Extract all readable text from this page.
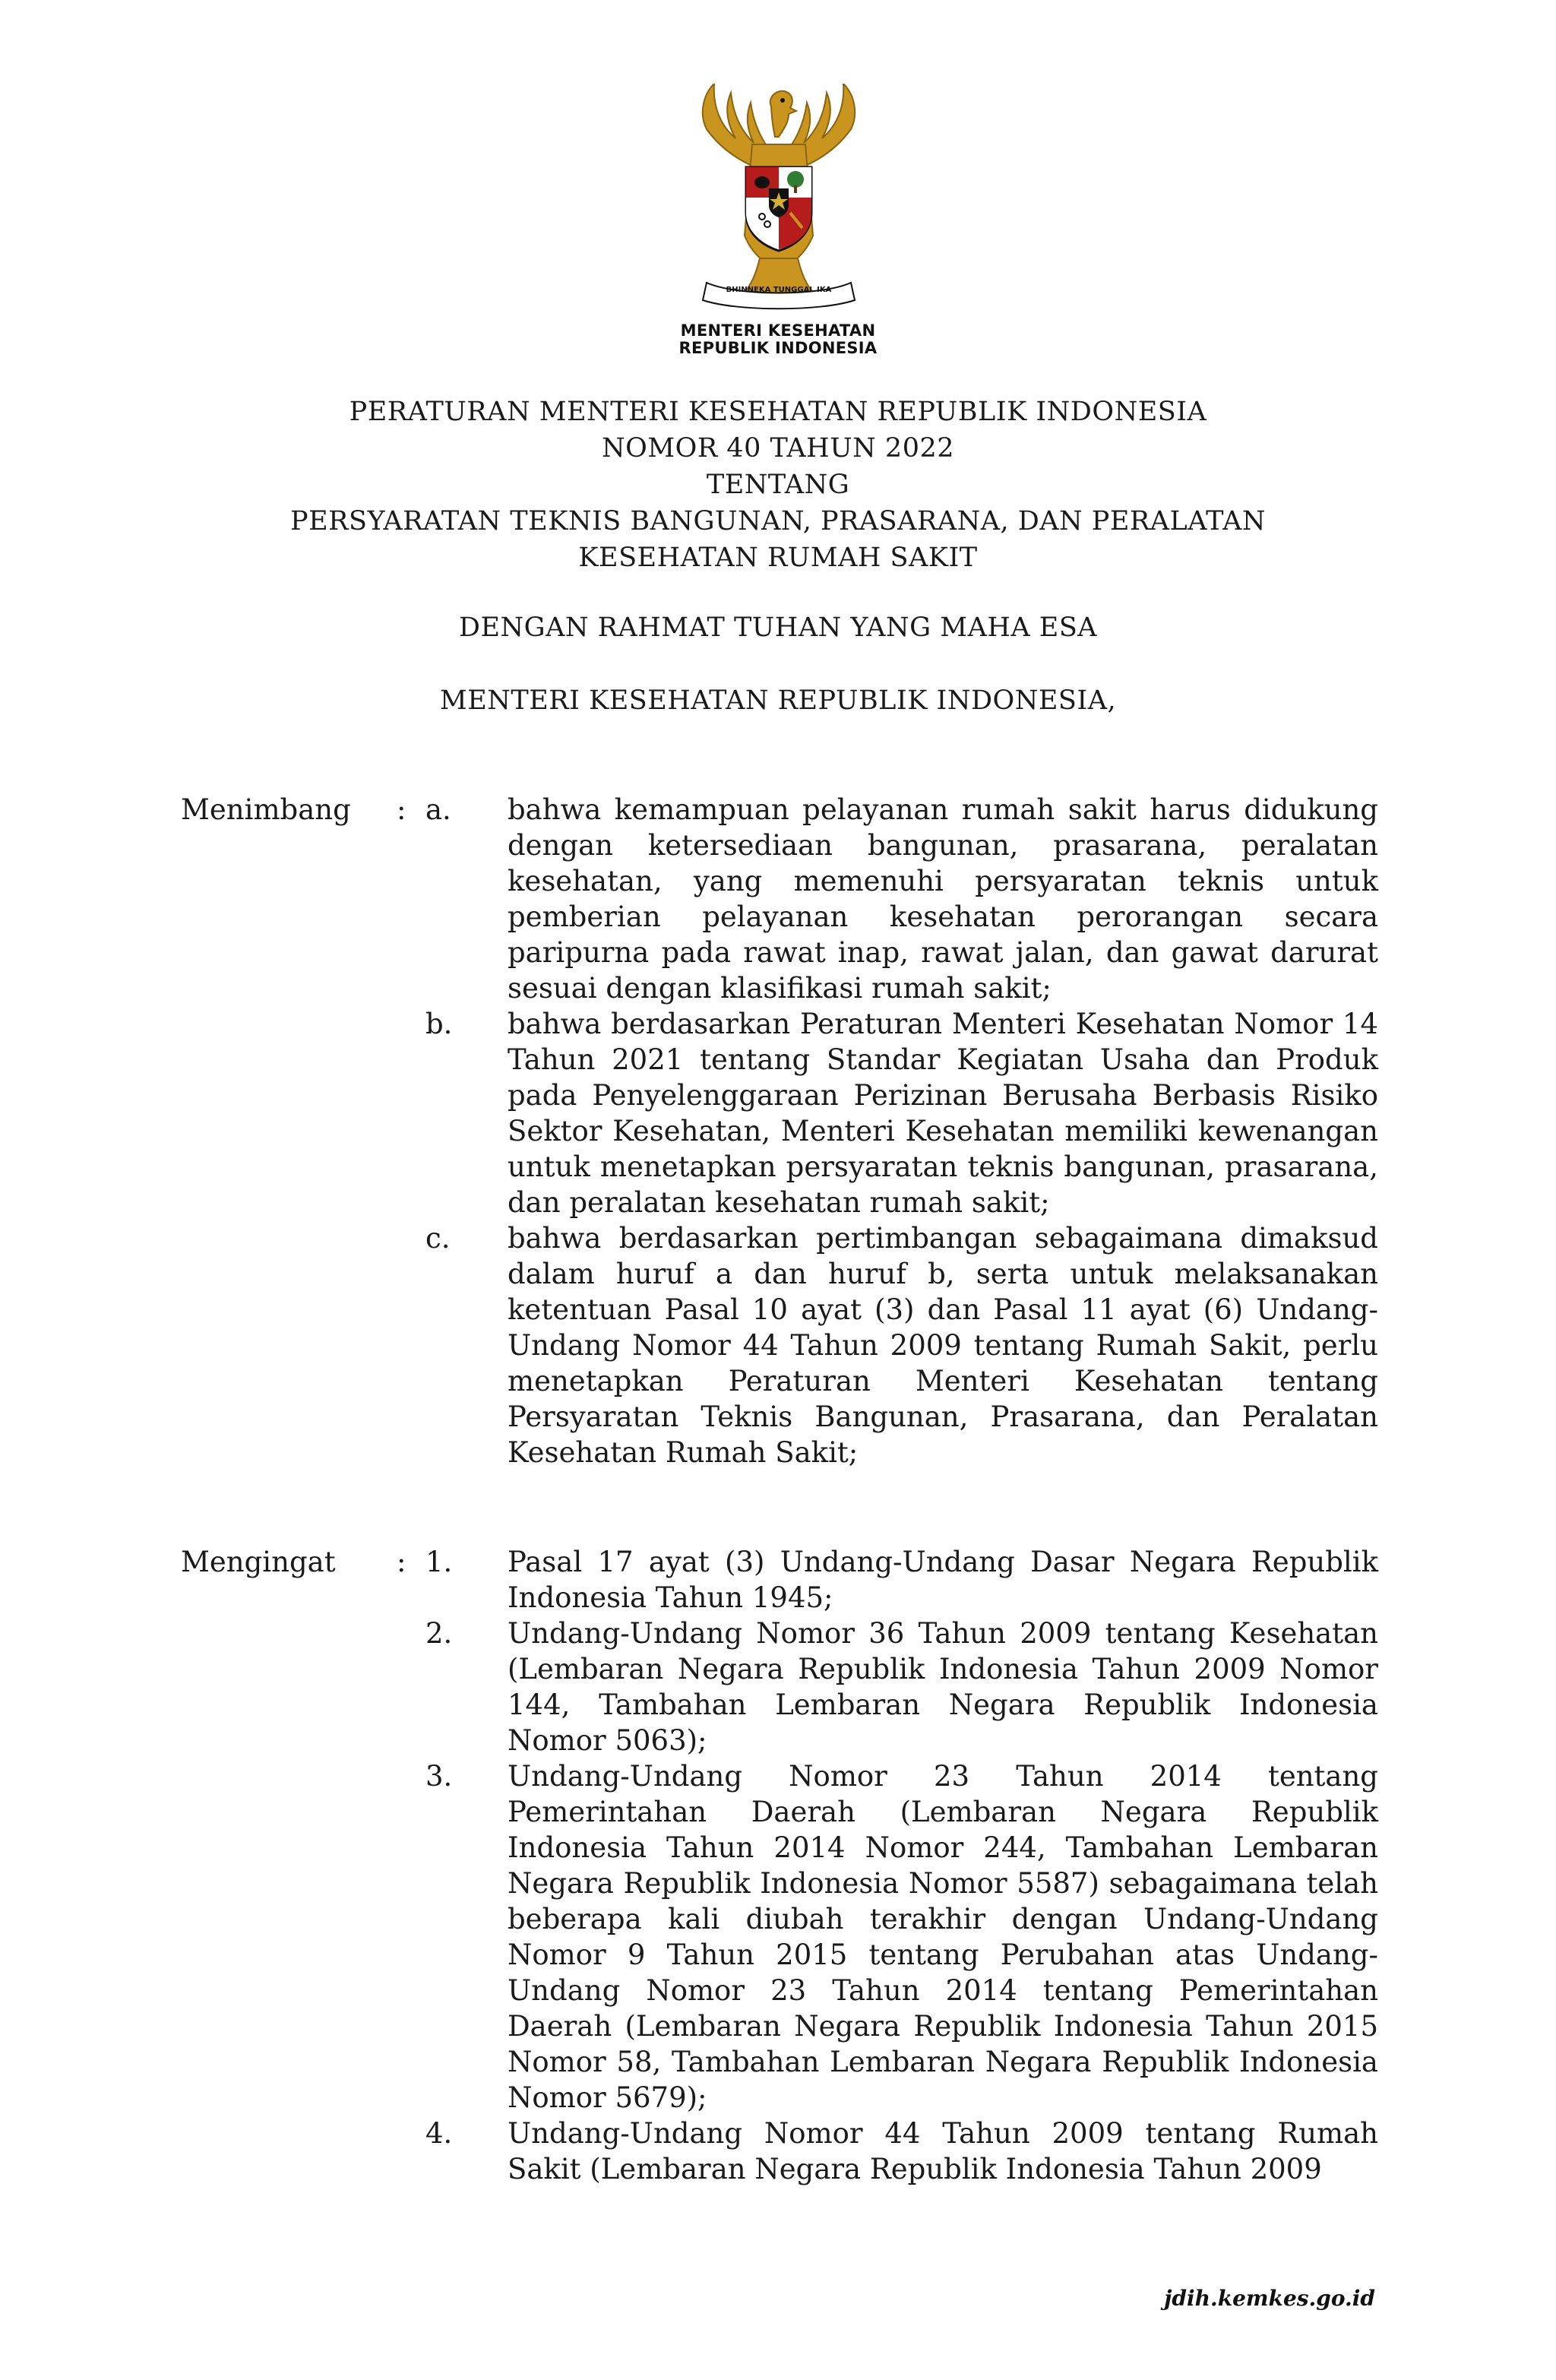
BHINNEKA TUNGGAL IKA
MENTERI KESEHATAN
REPUBLIK INDONESIA
PERATURAN MENTERI KESEHATAN REPUBLIK INDONESIA
NOMOR 40 TAHUN 2022
TENTANG
PERSYARATAN TEKNIS BANGUNAN, PRASARANA, DAN PERALATAN
KESEHATAN RUMAH SAKIT
DENGAN RAHMAT TUHAN YANG MAHA ESA
MENTERI KESEHATAN REPUBLIK INDONESIA,
Menimbang : a. bahwa kemampuan pelayanan rumah sakit harus didukung dengan ketersediaan bangunan, prasarana, peralatan kesehatan, yang memenuhi persyaratan teknis untuk pemberian pelayanan kesehatan perorangan secara paripurna pada rawat inap, rawat jalan, dan gawat darurat sesuai dengan klasifikasi rumah sakit;
b. bahwa berdasarkan Peraturan Menteri Kesehatan Nomor 14 Tahun 2021 tentang Standar Kegiatan Usaha dan Produk pada Penyelenggaraan Perizinan Berusaha Berbasis Risiko Sektor Kesehatan, Menteri Kesehatan memiliki kewenangan untuk menetapkan persyaratan teknis bangunan, prasarana, dan peralatan kesehatan rumah sakit;
c. bahwa berdasarkan pertimbangan sebagaimana dimaksud dalam huruf a dan huruf b, serta untuk melaksanakan ketentuan Pasal 10 ayat (3) dan Pasal 11 ayat (6) Undang-Undang Nomor 44 Tahun 2009 tentang Rumah Sakit, perlu menetapkan Peraturan Menteri Kesehatan tentang Persyaratan Teknis Bangunan, Prasarana, dan Peralatan Kesehatan Rumah Sakit;
Mengingat : 1. Pasal 17 ayat (3) Undang-Undang Dasar Negara Republik Indonesia Tahun 1945;
2. Undang-Undang Nomor 36 Tahun 2009 tentang Kesehatan (Lembaran Negara Republik Indonesia Tahun 2009 Nomor 144, Tambahan Lembaran Negara Republik Indonesia Nomor 5063);
3. Undang-Undang Nomor 23 Tahun 2014 tentang Pemerintahan Daerah (Lembaran Negara Republik Indonesia Tahun 2014 Nomor 244, Tambahan Lembaran Negara Republik Indonesia Nomor 5587) sebagaimana telah beberapa kali diubah terakhir dengan Undang-Undang Nomor 9 Tahun 2015 tentang Perubahan atas Undang-Undang Nomor 23 Tahun 2014 tentang Pemerintahan Daerah (Lembaran Negara Republik Indonesia Tahun 2015 Nomor 58, Tambahan Lembaran Negara Republik Indonesia Nomor 5679);
4. Undang-Undang Nomor 44 Tahun 2009 tentang Rumah Sakit (Lembaran Negara Republik Indonesia Tahun 2009
jdih.kemkes.go.id
